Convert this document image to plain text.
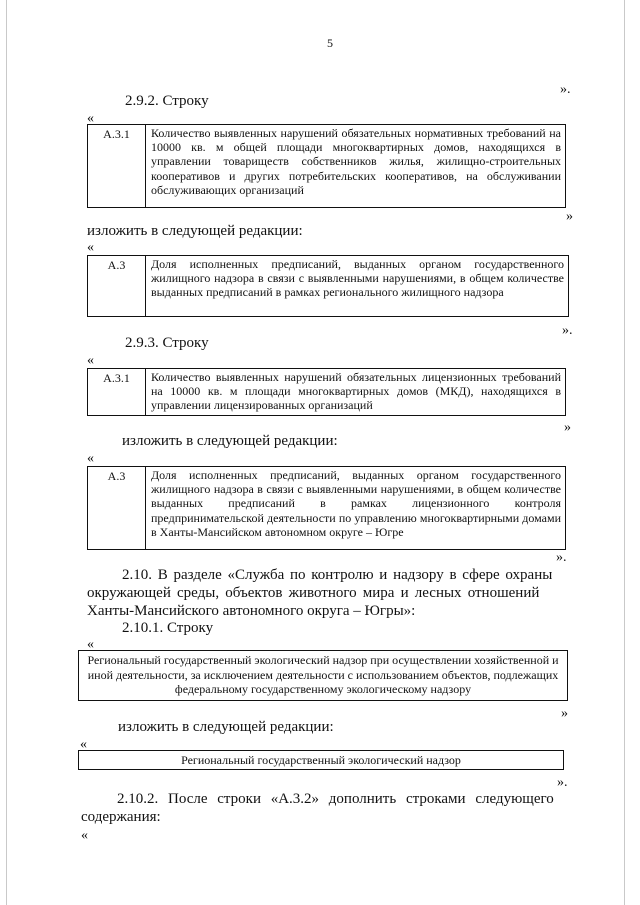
5
».
2.9.2. Строку
«
А.3.1	Количество выявленных нарушений обязательных нормативных требований на 10000 кв. м общей площади многоквартирных домов, находящихся в управлении товариществ собственников жилья, жилищно-строительных кооперативов и других потребительских кооперативов, на обслуживании обслуживающих организаций
»
изложить в следующей редакции:
«
А.3	Доля исполненных предписаний, выданных органом государственного жилищного надзора в связи с выявленными нарушениями, в общем количестве выданных предписаний в рамках регионального жилищного надзора
».
2.9.3. Строку
«
А.3.1	Количество выявленных нарушений обязательных лицензионных требований на 10000 кв. м площади многоквартирных домов (МКД), находящихся в управлении лицензированных организаций
»
изложить в следующей редакции:
«
А.3	Доля исполненных предписаний, выданных органом государственного жилищного надзора в связи с выявленными нарушениями, в общем количестве выданных предписаний в рамках лицензионного контроля предпринимательской деятельности по управлению многоквартирными домами в Ханты-Мансийском автономном округе – Югре
».
2.10. В разделе «Служба по контролю и надзору в сфере охраны
окружающей среды, объектов животного мира и лесных отношений
Ханты-Мансийского автономного округа – Югры»:
2.10.1. Строку
«
Региональный государственный экологический надзор при осуществлении хозяйственной и иной деятельности, за исключением деятельности с использованием объектов, подлежащих федеральному государственному экологическому надзору
»
изложить в следующей редакции:
«
Региональный государственный экологический надзор
».
2.10.2. После строки «А.3.2» дополнить строками следующего
содержания:
«
